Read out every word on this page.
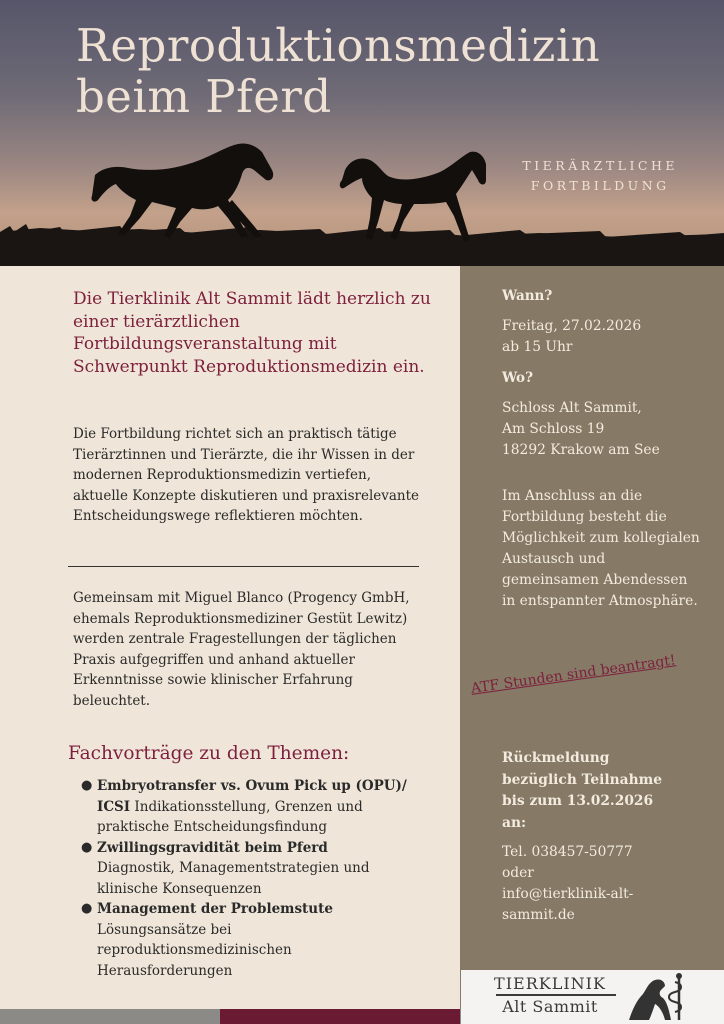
Reproduktionsmedizin
beim Pferd
TIERÄRZTLICHE
FORTBILDUNG

Die Tierklinik Alt Sammit lädt herzlich zu einer tierärztlichen Fortbildungsveranstaltung mit Schwerpunkt Reproduktionsmedizin ein.

Die Fortbildung richtet sich an praktisch tätige Tierärztinnen und Tierärzte, die ihr Wissen in der modernen Reproduktionsmedizin vertiefen, aktuelle Konzepte diskutieren und praxisrelevante Entscheidungswege reflektieren möchten.

Gemeinsam mit Miguel Blanco (Progency GmbH, ehemals Reproduktionsmediziner Gestüt Lewitz) werden zentrale Fragestellungen der täglichen Praxis aufgegriffen und anhand aktueller Erkenntnisse sowie klinischer Erfahrung beleuchtet.

Fachvorträge zu den Themen:
● Embryotransfer vs. Ovum Pick up (OPU)/ ICSI Indikationsstellung, Grenzen und praktische Entscheidungsfindung
● Zwillingsgravidität beim Pferd
Diagnostik, Managementstrategien und klinische Konsequenzen
● Management der Problemstute
Lösungsansätze bei reproduktionsmedizinischen Herausforderungen

Wann?

Freitag, 27.02.2026
ab 15 Uhr

Wo?

Schloss Alt Sammit,
Am Schloss 19
18292 Krakow am See

Im Anschluss an die Fortbildung besteht die Möglichkeit zum kollegialen Austausch und gemeinsamen Abendessen in entspannter Atmosphäre.

ATF Stunden sind beantragt!

Rückmeldung
bezüglich Teilnahme
bis zum 13.02.2026
an:

Tel. 038457-50777
oder
info@tierklinik-alt-
sammit.de

TIERKLINIK
Alt Sammit
